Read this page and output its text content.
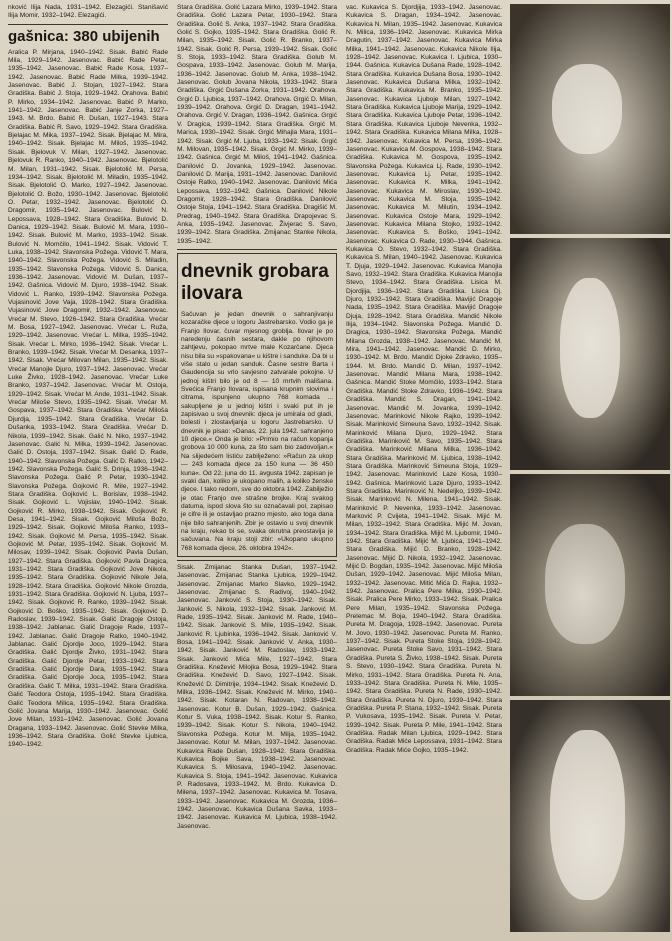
nković Ilija Nada, 1931–1942. Elezagići. Stanišavić Ilija Momir, 1932–1942. Elezagići.

gašnica: 380 ubijenih

Aralica P. Mirjana, 1940–1942. Sisak. Babić Rade Mila, 1929–1942. Jasenovac. Babić Rade Petar, 1935–1942. Jasenovac. Babić Rade Kosa, 1937–1942. Jasenovac. Babić Rade Milka, 1939–1942. Jasenovac. Babić J. Stojan, 1927–1942. Stara Gradiška. Babić J. Stoja, 1929–1942. Orahova. Babić P. Mirko, 1934–1942. Jasenovac. Babić P. Marko, 1941–1942. Jasenovac. Babić Janje Zorka, 1927–1943. M. Brdo. Babić R. Dušan, 1927–1943. Stara Gradiška. Babić R. Savo, 1929–1942. Stara Gradiška. Bjelajac M. Mika, 1937–1942. Sisak. Bjelajac M. Mira, 1940–1942. Sisak. Bjelajac M. Miloš, 1935–1942. Sisak. Bjelovuk V. Milan, 1927–1942. Jasenovac. Bjelovuk R. Ranko, 1940–1942. Jasenovac. Bjelotolić M. Milan, 1931–1942. Sisak. Bjelotolić M. Persa, 1934–1942. Sisak. Bjelotolić M. Miladin, 1935–1942. Sisak. Bjelotolić O. Marko, 1927–1942. Jasenovac. Bjelotolić O. Božo, 1930–1942. Jasenovac. Bjelotolić O. Petar, 1932–1942. Jasenovac. Bjelotolić O. Dragomir, 1935–1942. Jasenovac. Bulović N. Lepossava, 1928–1942. Stara Gradiška. Bulović D. Danica, 1929–1942. Sisak. Bulović M. Mara, 1930–1942. Sisak. Bulović M. Marko, 1933–1942. Sisak. Bulović N. Momčilo, 1941–1942. Sisak. Vidović T. Luka, 1938–1942. Slavonska Požega. Vidović T. Mara, 1940–1942. Slavonska Požega. Vidović S. Miladin, 1935–1942. Slavonska Požega. Vidović S. Danica, 1936–1942. Jasenovac. Vidović M. Dušan, 1937–1942. Gašnica. Vidović M. Djuro, 1938–1942. Sisak. Vidović L. Ranko, 1939–1942. Slavonska Požega. Vujasinović Jove Vaja, 1928–1942. Stara Gradiška. Vujasinović Jove Dragomir, 1932–1942. Jasenovac. Vrećar M. Stevo, 1926–1942. Stara Gradiška. Vrećar M. Bosa, 1927–1942. Jasenovac. Vrećar L. Ruža, 1929–1942. Jasenovac. Vrećar L. Milka, 1935–1942. Sisak. Vrećar L. Mirko, 1936–1942. Sisak. Vrećar L. Branko, 1939–1942. Sisak. Vrećar M. Desanka, 1937–1942. Sisak. Vrećar Milovan Milan, 1935–1942. Sisak. Vrećar Manojle Djuro, 1937–1942. Jasenovac. Vrećar Luke Živko, 1928–1942. Jasenovac. Vrećar Luke Branko, 1937–1942. Jasenovac. Vrećar M. Ostoja, 1929–1942. Sisak. Vrećar M. Ande, 1931–1942. Sisak. Vrećar Miloše Stevo, 1935–1942. Sisak. Vrećar M. Gospava, 1937–1942. Stara Gradiška. Vrećar Miloša Djurdja, 1935–1942. Stara Gradiška. Vrećar D. Dušanka, 1933–1942. Stara Gradiška. Vrećar D. Nikola, 1939–1942. Sisak. Galić N. Niko, 1937–1942. Jasenovac. Galić N. Milka, 1939–1942. Jasenovac. Galić D. Ostoja, 1937–1942. Sisak. Galić D. Rade, 1940–1942. Slavonska Požega. Galić D. Ratko, 1942–1942. Slavonska Požega. Galić S. Drinja, 1936–1942. Slavonska Požega. Galić P. Petar, 1930–1942. Slavonska Požega. Gojković R. Mile, 1927–1942. Stara Gradiška. Gojković L. Borislav, 1938–1942. Sisak. Gojković L. Vojislav, 1940–1942. Sisak. Gojković R. Mirko, 1938–1942. Sisak. Gojković R. Desa, 1941–1942. Sisak. Gojković Miloša Božo, 1929–1942. Sisak. Gojković Miloša Ranko, 1933–1942. Sisak. Gojković M. Persa, 1935–1942. Sisak. Gojković M. Petar, 1935–1942. Sisak. Gojković M. Milosav, 1939–1942. Sisak. Gojković Pavla Dušan, 1927–1942. Stara Gradiška. Gojković Pavla Dragica, 1931–1942. Stara Gradiška. Gojković Jove Nikola, 1935–1942. Stara Gradiška. Gojković Nikole Jela, 1928–1942. Stara Gradiška. Gojković Nikole Grozda, 1931–1942. Stara Gradiška. Gojković N. Ljuba, 1937–1942. Sisak. Gojković R. Ranko, 1939–1942. Sisak. Gojković D. Boško, 1935–1942. Sisak. Gojković D. Radoslav, 1939–1942. Sisak. Galić Dragoje Ostoja, 1938–1942. Jablanac. Galić Dragoje Rade, 1937–1942. Jablanac. Galić Dragoje Ratko, 1940–1942. Jablanac. Galić Djordje Joco, 1929–1942. Stara Gradiška. Galić Djordje Živko, 1931–1942. Stara Gradiška. Galić Djordje Petar, 1933–1942. Stara Gradiška. Galić Djordje Dara, 1935–1942. Stara Gradiška. Galić Djordje Joca, 1935–1942. Stara Gradiška. Galić T. Milka, 1931–1942. Stara Gradiška. Galić Teodora Ostoja, 1935–1942. Stara Gradiška. Galić Teodora Milica, 1935–1942. Stara Gradiška. Golić Jovana Marija, 1930–1942. Jasenovac. Golić Jove Milan, 1931–1942. Jasenovac. Golić Jovana Dragana, 1933–1942. Jasenovac. Golić Stevke Milka, 1936–1942. Stara Gradiška. Golić Stevke Ljubica, 1940–1942.

Stara Gradiška. Golić Lazara Mirko, 1939–1942. Stara Gradiška. Golić Lazara Petar, 1930–1942. Stara Gradiška. Golić S. Anka, 1937–1942. Stara Gradiška. Golić S. Gojko, 1935–1942. Stara Gradiška. Golić R. Milan, 1935–1942. Sisak. Golić R. Branko, 1937–1942. Sisak. Golić R. Persa, 1939–1942. Sisak. Golić S. Stoja, 1933–1942. Stara Gradiška. Golub M. Gospava, 1933–1942. Jasenovac. Golub M. Marija, 1936–1942. Jasenovac. Golub M. Anka, 1938–1942. Jasenovac. Golub Jovana Nikola, 1933–1942. Stara Gradiška. Grgić Dušana Zorka, 1931–1942. Orahova. Grgić D. Ljubica, 1937–1942. Orahova. Grgić D. Milan, 1939–1942. Orahova. Grgić D. Dragan, 1941–1942. Orahova. Grgić V. Dragan, 1936–1942. Gašnica. Grgić V. Dragica, 1939–1942. Stara Gradiška. Grgić M. Marica, 1930–1942. Sisak. Grgić Mihajla Mara, 1931–1942. Sisak. Grgić M. Ljuba, 1933–1942. Sisak. Grgić M. Milovan, 1935–1942. Sisak. Grgić M. Mirko, 1939–1942. Gašnica. Grgić M. Miloš, 1941–1942. Gašnica. Danilović D. Jovanka, 1929–1942. Jasenovac. Danilović D. Marija, 1931–1942. Jasenovac. Danilović Ostoje Ratko, 1940–1942. Jasenovac. Danilović Mića Lepossava, 1932–1942. Gašnica. Danilović Nikole Dragomir, 1928–1942. Stara Gradiška. Danilović Ostoje Stoja, 1941–1942. Stara Gradiška. Dragišić M. Predrag, 1940–1942. Stara Gradiška. Drapojevac S. Anka, 1935–1942. Jasenovac. Živjerac S. Savo, 1939–1942. Stara Gradiška. Zmijanac Stanke Nikola, 1935–1942.

dnevnik grobara ilovara

Sačuvan je jedan dnevnik o sahranjivanju kozaračke djece u logoru Jastrebarsko. Vodio ga je Franjo Ilovar, čuvar mjesnog groblja. Ilovar je po naredenju časnih sestara, dakle po njihovom zahtjevu, pokopao mrtve male Kozarčane. Djeca nisu bila su »spakovana« u kištre i sanduke. Da bi u više stalo u jedan sanduk. Časne sestre Barta i Gaudencija su vrlo savjesno zatvarale pokojne. U jednoj kištri bilo je od 8 — 10 mrtvih mališana. Svećica Franjo Ilovara, ispisana krupnim slovima i citrama, ispunjeno ukupno 768 komada ... sakupljene je u jednoj kištri i svaki put ih je zapisivao u svoj dnevnik: djeca je umirala od gladi, bolesti i zlostavljanja u logoru Jastrebarsko. U dnevnik je pisao: »Danas, 22. jula 1942. sahranjeno 10 djece.« Onda je bilo: »Primio na račun kopanja grobova 10 000 kuna, za što sam bio zadovoljan.« Na slijedećem listiću zabilježeno: »Račun za ukop — 243 komada djece za 150 kuna — 36 450 kuna«. Od 22. juna do 11. avgusta 1942. zapisan je svaki dan, koliko je ukopano malih, a koliko ženske djece. I tako redom, sve do oktobra 1942. Zabilježio je otac Franjo ove strašne brojke. Kraj svakog datuma, ispod slova što su označavali pol, zapisao je cifre ili je ostavljao prazno mjesto, ako toga dana nije bilo sahranjenih. Zbir je ostavio u svoj dnevnik na kraju, rekao bi se, svaka okrutna preostavija je sačuvana. Na kraju stoji zbir: »Ukopano ukupno 768 komada djece, 26. oktobra 1942«.

Sisak. Zmijanac Stanka Dušan, 1937–1942. Jasenovac. Zmijanac Stanka Ljubica, 1929–1942. Jasenovac. Zmijanac Marko Slavko, 1929–1942. Jasenovac. Zmijanac S. Radivoj, 1940–1942. Jasenovac. Janković S. Stoja, 1930–1942. Sisak. Janković S. Nikola, 1932–1942. Sisak. Janković M. Rade, 1935–1942. Sisak. Janković M. Rade, 1940–1942. Sisak. Janković S. Mile, 1935–1942. Sisak. Janković R. Ljubinka, 1936–1942. Sisak. Janković V. Bosa, 1941–1942. Sisak. Janković V. Anka, 1930–1942. Sisak. Janković M. Radoslav, 1933–1942. Sisak. Janković Mića Mile, 1927–1942. Stara Gradiška. Knežević Milojka Bosa, 1929–1942. Stara Gradiška. Knežević D. Savo, 1927–1942. Sisak. Knežević D. Dimitrije, 1934–1942. Sisak. Knežević D. Milka, 1936–1942. Sisak. Knežević M. Mirko, 1940–1942. Sisak. Kotaran N. Radovan, 1938–1942. Jasenovac. Kotur B. Dušan, 1929–1942. Gašnica. Kotur S. Vuka, 1938–1942. Sisak. Kotur S. Ranko, 1939–1942. Sisak. Kotur S. Nikola, 1940–1942. Slavonska Požega. Kotur M. Milja, 1935–1942. Jasenovac. Kotur M. Milan, 1937–1942. Jasenovac. Kukavica Rade Dušan, 1928–1942. Stara Gradiška. Kukavica Bojke Sava, 1938–1942. Jasenovac. Kukavica S. Milosava, 1940–1942. Jasenovac. Kukavica S. Stoja, 1941–1942. Jasenovac. Kukavica P. Radosava, 1933–1942. M. Brdo. Kukavica D. Milena, 1937–1942. Jasenovac. Kukavica M. Tosava, 1933–1942. Jasenovac. Kukavica M. Grozda, 1936–1942. Jasenovac. Kukavica Dušana Savka, 1933–1942. Jasenovac. Kukavica M. Ljubica, 1938–1942. Jasenovac.

vac. Kukavica S. Djordjija, 1933–1942. Jasenovac. Kukavica S. Dragan, 1934–1942. Jasenovac. Kukavica N. Milan, 1935–1942. Jasenovac. Kukavica N. Milica, 1936–1942. Jasenovac. Kukavica Mirka Dragutin, 1937–1942. Jasenovac. Kukavica Mirka Milka, 1941–1942. Jasenovac. Kukavica Nikole Ilija, 1928–1942. Jasenovac. Kukavica I. Ljubica, 1930–1944. Gašnica. Kukavica Dušana Rade, 1928–1942. Stara Gradiška. Kukavica Dušana Bosa, 1930–1942. Jasenovac. Kukavica Dušana Milka, 1932–1942. Stara Gradiška. Kukavica M. Branko, 1935–1942. Jasenovac. Kukavica Ljuboje Milan, 1927–1942. Stara Gradiška. Kukavica Ljuboje Marija, 1929–1942. Stara Gradiška. Kukavica Ljuboje Petar, 1936–1942. Stara Gradiška. Kukavica Ljuboje Nevenka, 1932–1942. Stara Gradiška. Kukavica Milana Milka, 1928–1942. Jasenovac. Kukavica M. Persa, 1936–1942. Jasenovac. Kukavica M. Gospova, 1938–1942. Stara Gradiška. Kukavica M. Gospova, 1935–1942. Slavonska Požega. Kukavica Lj. Rade, 1930–1942. Jasenovac. Kukavica Lj. Petar, 1935–1942. Jasenovac. Kukavica K. Milka, 1941–1942. Jasenovac. Kukavica M. Miroslav, 1930–1942. Jasenovac. Kukavica M. Stoja, 1935–1942. Jasenovac. Kukavica M. Milutin, 1934–1942. Jasenovac. Kukavica Ostoje Mara, 1929–1942. Jasenovac. Kukavica Milana Stojko, 1932–1942. Jasenovac. Kukavica S. Boško, 1941–1942. Jasenovac. Kukavica O. Rade, 1930–1944. Gašnica. Kukavica O. Stevo, 1932–1942. Stara Gradiška. Kukavica S. Milan, 1940–1942. Jasenovac. Kukavica T. Djuja, 1929–1942. Jasenovac. Kukavica Manojla Savo, 1932–1942. Stara Gradiška. Kukavica Manojla Stevo, 1934–1942. Stara Gradiška. Lisica M. Djordjija, 1936–1942. Stara Gradiška. Lisica Dj. Djuro, 1932–1942. Stara Gradiška. Mavijić Dragoje Nada, 1935–1942. Stara Gradiška. Mavijić Dragoje Djuja, 1928–1942. Stara Gradiška. Mandić Nikole Ilija, 1934–1942. Slavonska Požega. Mandić D. Dragica, 1930–1942. Slavonska Požega. Mandić Milana Grozda, 1938–1942. Jasenovac. Mandić M. Mira, 1941–1942. Jasenovac. Mandić D. Mirko, 1930–1942. M. Brdo. Mandić Djoke Zdravko, 1935–1944. M. Brdo. Mandić D. Milan, 1937–1942. Jasenovac. Mandić Milana Mara, 1938–1942. Gašnica. Mandić Stoke Momčilo, 1933–1942. Stara Gradiška. Mandić Stoke Zdravko, 1936–1942. Stara Gradiška. Mandić S. Dragan, 1941–1942. Jasenovac. Mandić M. Jovanka, 1939–1942. Jasenovac. Marinković Nikole Rajko, 1939–1942. Sisak. Marinković Simeuna Savo, 1932–1942. Sisak. Marinković Milana Djuro, 1929–1942. Stara Gradiška. Marinković M. Savo, 1935–1942. Stara Gradiška. Marinković Milana Milka, 1936–1942. Stara Gradiška. Marinković M. Ljubica, 1938–1942. Stara Gradiška. Marinković Simeuna Stoja, 1929–1942. Jasenovac. Marinković Laze Kosa, 1930–1942. Gašnica. Marinković Laze Djuro, 1933–1942. Stara Gradiška. Marinković N. Nedeljko, 1939–1942. Sisak. Marinković N. Milena, 1941–1942. Sisak. Marinković P. Nevenka, 1933–1942. Jasenovac. Marković P. Cvijeta, 1941–1942. Sisak. Mijić M. Milan, 1932–1942. Stara Gradiška. Mijić M. Jovan, 1934–1942. Stara Gradiška. Mijić M. Ljubomir, 1940–1942. Stara Gradiška. Mijić M. Ljubica, 1941–1942. Stara Gradiška. Mijić D. Branko, 1928–1942. Jasenovac. Mijić D. Nikola, 1932–1942. Jasenovac. Mijić D. Bogdan, 1935–1942. Jasenovac. Mijić Miloša Dušan, 1929–1942. Jasenovac. Mijić Miloša Milan, 1932–1942. Jasenovac. Mitić Mića D. Rajka, 1932–1942. Jasenovac. Pralica Pere Milka, 1930–1942. Sisak. Pralica Pere Mirko, 1933–1942. Sisak. Pralica Pere Milan, 1935–1942. Slavonska Požega. Prelemac M. Boja, 1940–1942. Stara Gradiška. Pureta M. Dragoja, 1928–1942. Jasenovac. Pureta M. Jovo, 1930–1942. Jasenovac. Pureta M. Ranko, 1937–1942. Sisak. Pureta Stoke Stoja, 1928–1942. Jasenovac. Pureta Stoke Savo, 1931–1942. Stara Gradiška. Pureta S. Živko, 1938–1942. Sisak. Pureta S. Stevo, 1930–1942. Stara Gradiška. Pureta N. Mirko, 1931–1942. Stara Gradiška. Pureta N. Ana, 1933–1942. Stara Gradiška. Pureta N. Mile, 1935–1942. Stara Gradiška. Pureta N. Rade, 1930–1942. Stara Gradiška. Pureta N. Djuro, 1939–1942. Stara Gradiška. Pureta P. Stana, 1932–1942. Sisak. Pureta P. Vukosava, 1935–1942. Sisak. Pureta V. Petar, 1939–1942. Sisak. Pureta P. Mile, 1941–1942. Stara Gradiška. Radak Milan Ljubica, 1929–1942. Stara Gradiška. Radak Miće Lepossava, 1931–1942. Stara Gradiška. Radak Miće Gojko, 1935–1942.
